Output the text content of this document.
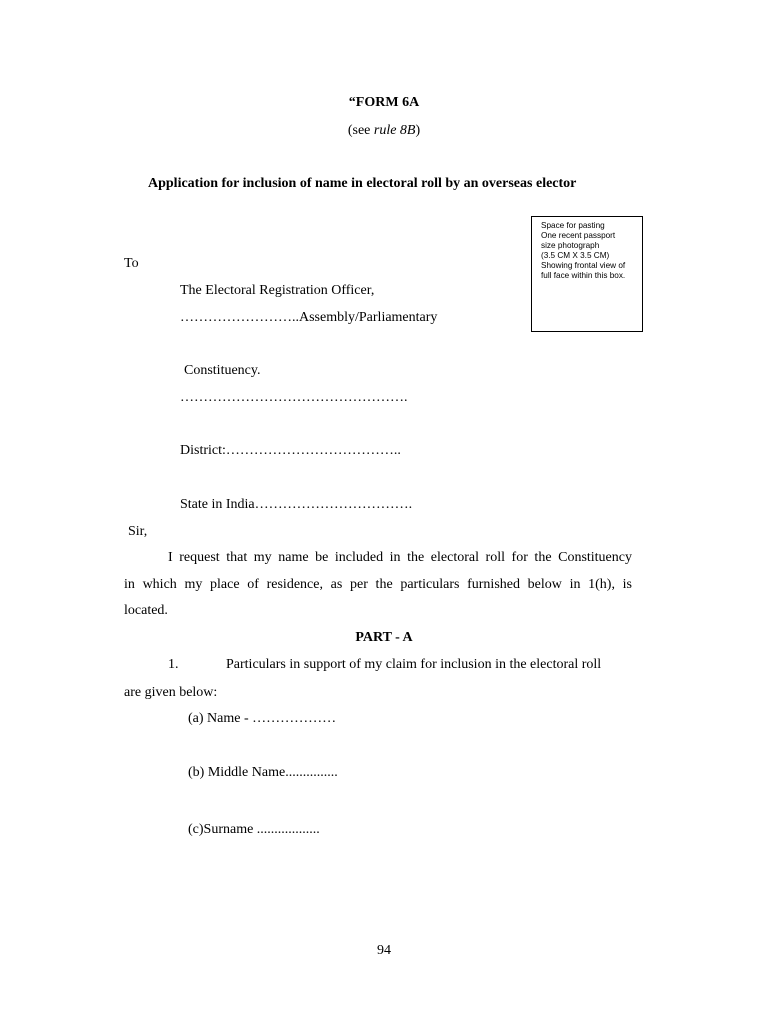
“FORM 6A
(see rule 8B)
Application for inclusion of name in electoral roll by an overseas elector
Space for pasting
One recent passport
size photograph
(3.5 CM X 3.5 CM)
Showing frontal view of
full face within this box.
To
The Electoral Registration Officer,
……………………..Assembly/Parliamentary
Constituency.
………………………………………….
District:………………………………..
State in India…………………………….
Sir,
I request that my name be included in the electoral roll for the Constituency
in which my place of residence, as per the particulars furnished below in 1(h), is
located.
PART - A
1.	Particulars in support of my claim for inclusion in the electoral roll
are given below:
(a) Name - ………………
(b) Middle Name...............
(c)Surname ..................
94
